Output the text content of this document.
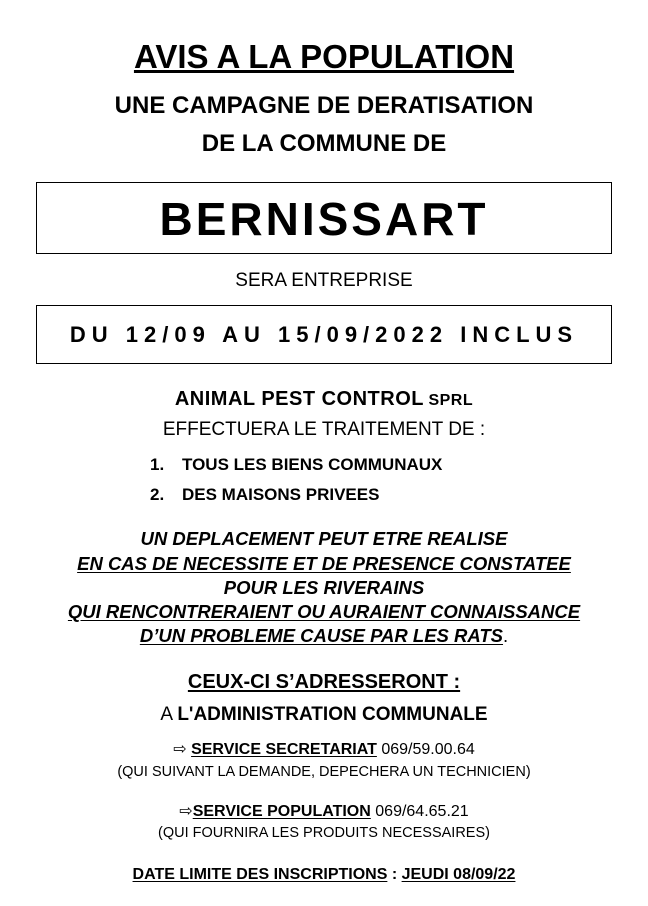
AVIS A LA POPULATION
UNE CAMPAGNE DE DERATISATION
DE LA COMMUNE DE
BERNISSART
SERA ENTREPRISE
DU 12/09 AU 15/09/2022 INCLUS
ANIMAL PEST CONTROL SPRL
EFFECTUERA LE TRAITEMENT DE :
1. TOUS LES BIENS COMMUNAUX
2. DES MAISONS PRIVEES
UN DEPLACEMENT PEUT ETRE REALISE
EN CAS DE NECESSITE ET DE PRESENCE CONSTATEE
POUR LES RIVERAINS
QUI RENCONTRERAIENT OU AURAIENT CONNAISSANCE
D’UN PROBLEME CAUSE PAR LES RATS.
CEUX-CI S’ADRESSERONT :
A L'ADMINISTRATION COMMUNALE
⇨ SERVICE SECRETARIAT 069/59.00.64
(QUI SUIVANT LA DEMANDE, DEPECHERA UN TECHNICIEN)
⇨SERVICE POPULATION 069/64.65.21
(QUI FOURNIRA LES PRODUITS NECESSAIRES)
DATE LIMITE DES INSCRIPTIONS : JEUDI 08/09/22
